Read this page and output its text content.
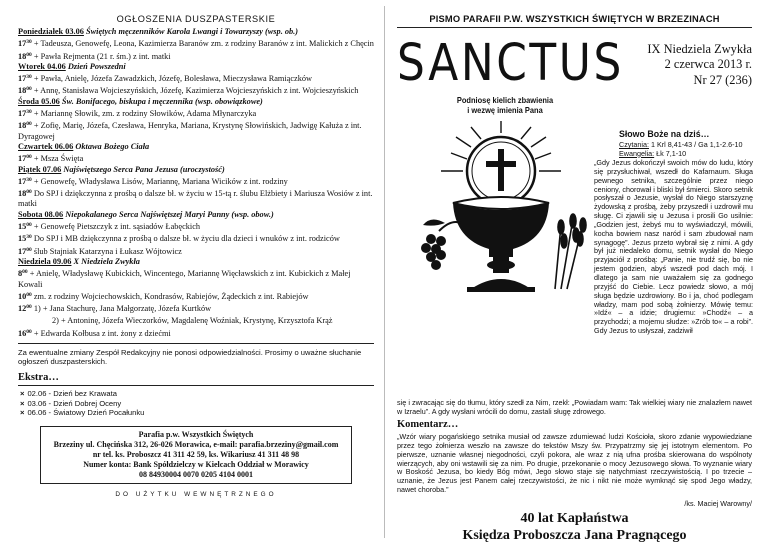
OGŁOSZENIA DUSZPASTERSKIE
Poniedziałek 03.06 Świętych męczenników Karola Lwangi i Towarzyszy (wsp. ob.)
$17^{30}$ + Tadeusza, Genowefę, Leona, Kazimierza Baranów zm. z rodziny Baranów z int. Malickich z Chęcin
$18^{00}$ + Pawła Rejmenta (21 r. śm.) z int. matki
Wtorek 04.06 Dzień Powszedni
$17^{30}$ + Pawła, Anielę, Józefa Zawadzkich, Józefę, Bolesława, Mieczysława Ramiączków
$18^{00}$ + Annę, Stanisława Wojcieszyńskich, Józefę, Kazimierza Wojcieszyńskich z int. Wojcieszyńskich
Środa 05.06 Św. Bonifacego, biskupa i męczennika (wsp. obowiązkowe)
$17^{30}$ + Mariannę Słowik, zm. z rodziny Słowików, Adama Młynarczyka
$18^{00}$ + Zofię, Marię, Józefa, Czesława, Henryka, Mariana, Krystynę Słowińskich, Jadwigę Kałuża z int. Dyragowej
Czwartek 06.06 Oktawa Bożego Ciała
$17^{00}$ + Msza Święta
Piątek 07.06 Najświętszego Serca Pana Jezusa (uroczystość)
$17^{30}$ + Genowefę, Władysława Lisów, Mariannę, Mariana Wicików z int. rodziny
$18^{00}$ Do SPJ i dziękczynna z prośbą o dalsze bł. w życiu w 15-tą r. ślubu Elżbiety i Mariusza Wosiów z int. matki
Sobota 08.06 Niepokalanego Serca Najświętszej Maryi Panny (wsp. obow.)
$15^{00}$ + Genowefę Pietszczyk z int. sąsiadów Łabęckich
$15^{30}$ Do SPJ i MB dziękczynna z prośbą o dalsze bł. w życiu dla dzieci i wnuków z int. rodziców
$17^{00}$ ślub Stajniak Katarzyna i Łukasz Wójtowicz
Niedziela 09.06 X Niedziela Zwykła
$8^{00}$ + Anielę, Władysławę Kubickich, Wincentego, Mariannę Więcławskich z int. Kubickich z Małej Kowali
$10^{00}$ zm. z rodziny Wojciechowskich, Kondrasów, Rabiejów, Żądeckich z int. Rabiejów
$12^{00}$ 1) + Jana Stachurę, Jana Małgorzatę, Józefa Kurtków
2) + Antoninę, Józefa Wieczorków, Magdalenę Woźniak, Krystynę, Krzysztofa Krąż
$16^{00}$ + Edwarda Kołbusa z int. żony z dziećmi
Za ewentualne zmiany Zespół Redakcyjny nie ponosi odpowiedzialności. Prosimy o uważne słuchanie ogłoszeń duszpasterskich.
Ekstra…
× 02.06 - Dzień bez Krawata
× 03.06 - Dzień Dobrej Oceny
× 06.06 - Światowy Dzień Pocałunku
Parafia p.w. Wszystkich Świętych
Brzeziny ul. Chęcińska 312, 26-026 Morawica, e-mail: parafia.brzeziny@gmail.com
nr tel. ks. Proboszcz 41 311 42 59, ks. Wikariusz 41 311 48 98
Numer konta: Bank Spółdzielczy w Kielcach Oddział w Morawicy
08 84930004 0070 0205 4104 0001
DO UŻYTKU WEWNĘTRZNEGO
PISMO PARAFII P.W. WSZYSTKICH ŚWIĘTYCH W BRZEZINACH
SANCTUS IX Niedziela Zwykła
2 czerwca 2013 r.
Nr 27 (236)
Podniosę kielich zbawienia
i wezwę imienia Pana
Słowo Boże na dziś…
Czytania: 1 Krl 8,41-43 / Ga 1,1-2.6-10
Ewangelia: Łk 7,1-10
„Gdy Jezus dokończył swoich mów do ludu, który się przysłuchiwał, wszedł do Kafarnaum. Sługa pewnego setnika, szczególnie przez niego ceniony, chorował i bliski był śmierci. Skoro setnik posłyszał o Jezusie, wysłał do Niego starszyznę żydowską z prośbą, żeby przyszedł i uzdrowił mu sługę. Ci zjawili się u Jezusa i prosili Go usilnie: „Godzien jest, żebyś mu to wyświadczył, mówili, kocha bowiem nasz naród i sam zbudował nam synagogę”. Jezus przeto wybrał się z nimi. A gdy był już niedaleko domu, setnik wysłał do Niego przyjaciół z prośbą: „Panie, nie trudź się, bo nie jestem godzien, abyś wszedł pod dach mój. I dlatego ja sam nie uważałem się za godnego przyjść do Ciebie. Lecz powiedz słowo, a mój sługa będzie uzdrowiony. Bo i ja, choć podlegam władzy, mam pod sobą żołnierzy. Mówię temu: »Idź« – a idzie; drugiemu: »Chodź« – a przychodzi; a mojemu słudze: »Zrób to« – a robi”. Gdy Jezus to usłyszał, zadziwił
się i zwracając się do tłumu, który szedł za Nim, rzekł: „Powiadam wam: Tak wielkiej wiary nie znalazłem nawet w Izraelu”. A gdy wysłani wrócili do domu, zastali sługę zdrowego.
Komentarz…
„Wzór wiary pogańskiego setnika musiał od zawsze zdumiewać ludzi Kościoła, skoro zdanie wypowiedziane przez tego żołnierza weszło na zawsze do tekstów Mszy św. Przypatrzmy się jej istotnym elementom. Po pierwsze, uznanie własnej niegodności, czyli pokora, ale wraz z nią ufna prośba skierowana do wspólnoty wierzących, aby oni wstawili się za nim. Po drugie, przekonanie o mocy Jezusowego słowa. To wyznanie wiary w Boskość Jezusa, bo kiedy Bóg mówi, Jego słowo staje się natychmiast rzeczywistością. I po trzecie – uznanie, że Jezus jest Panem całej rzeczywistości, że nic i nikt nie może wymknąć się spod Jego władzy, nawet choroba.”
/ks. Maciej Warowny/
40 lat Kapłaństwa
Księdza Proboszcza Jana Pragnącego
